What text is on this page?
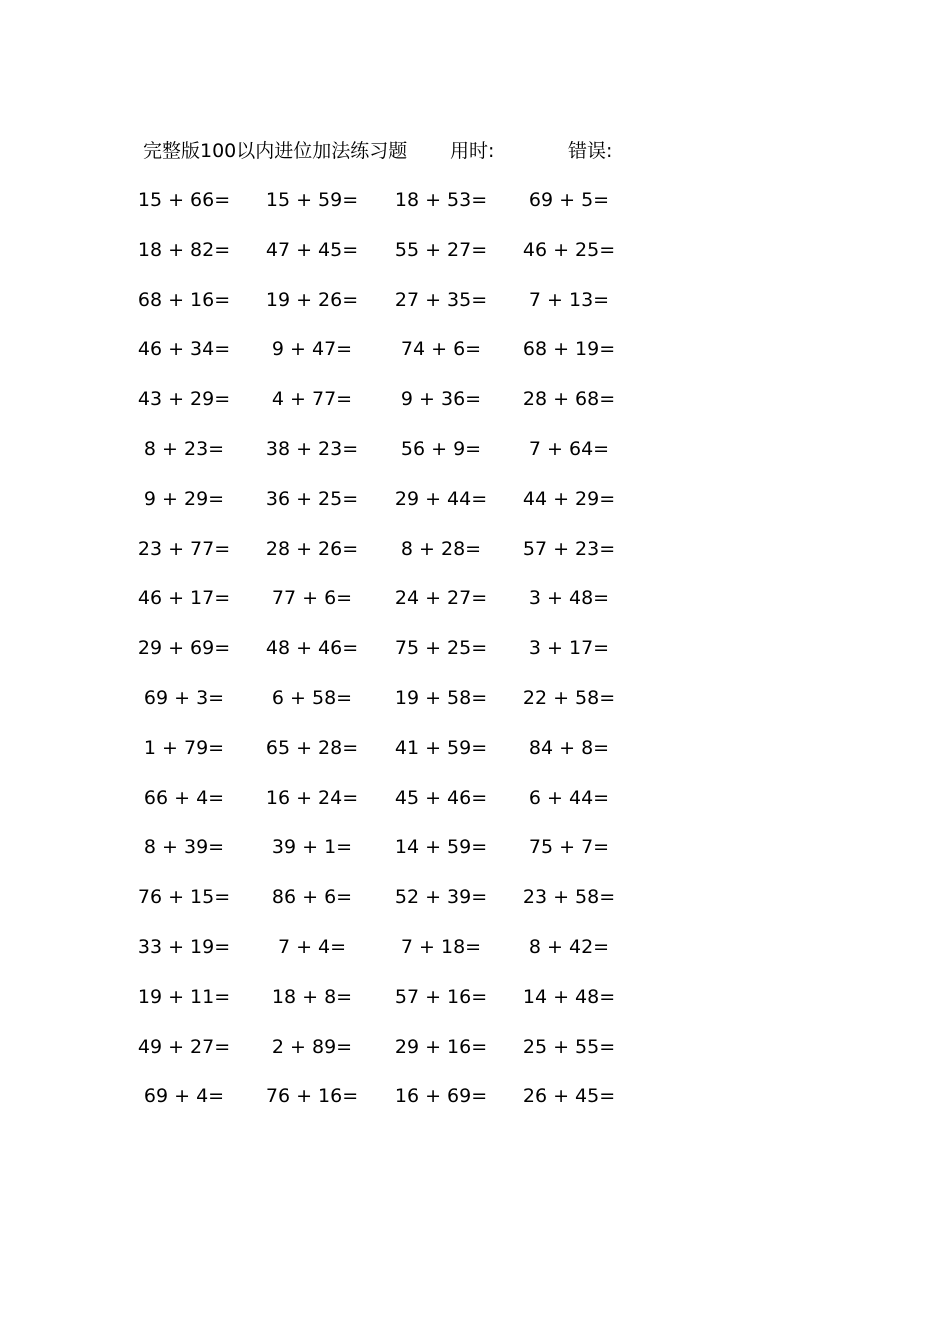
完整版100以内进位加法练习题 用时:	错误:
15 + 66=	15 + 59=	18 + 53=	69 + 5=
18 + 82=	47 + 45=	55 + 27=	46 + 25=
68 + 16=	19 + 26=	27 + 35=	7 + 13=
46 + 34=	9 + 47=	74 + 6=	68 + 19=
43 + 29=	4 + 77=	9 + 36=	28 + 68=
8 + 23=	38 + 23=	56 + 9=	7 + 64=
9 + 29=	36 + 25=	29 + 44=	44 + 29=
23 + 77=	28 + 26=	8 + 28=	57 + 23=
46 + 17=	77 + 6=	24 + 27=	3 + 48=
29 + 69=	48 + 46=	75 + 25=	3 + 17=
69 + 3=	6 + 58=	19 + 58=	22 + 58=
1 + 79=	65 + 28=	41 + 59=	84 + 8=
66 + 4=	16 + 24=	45 + 46=	6 + 44=
8 + 39=	39 + 1=	14 + 59=	75 + 7=
76 + 15=	86 + 6=	52 + 39=	23 + 58=
33 + 19=	7 + 4=	7 + 18=	8 + 42=
19 + 11=	18 + 8=	57 + 16=	14 + 48=
49 + 27=	2 + 89=	29 + 16=	25 + 55=
69 + 4=	76 + 16=	16 + 69=	26 + 45=
